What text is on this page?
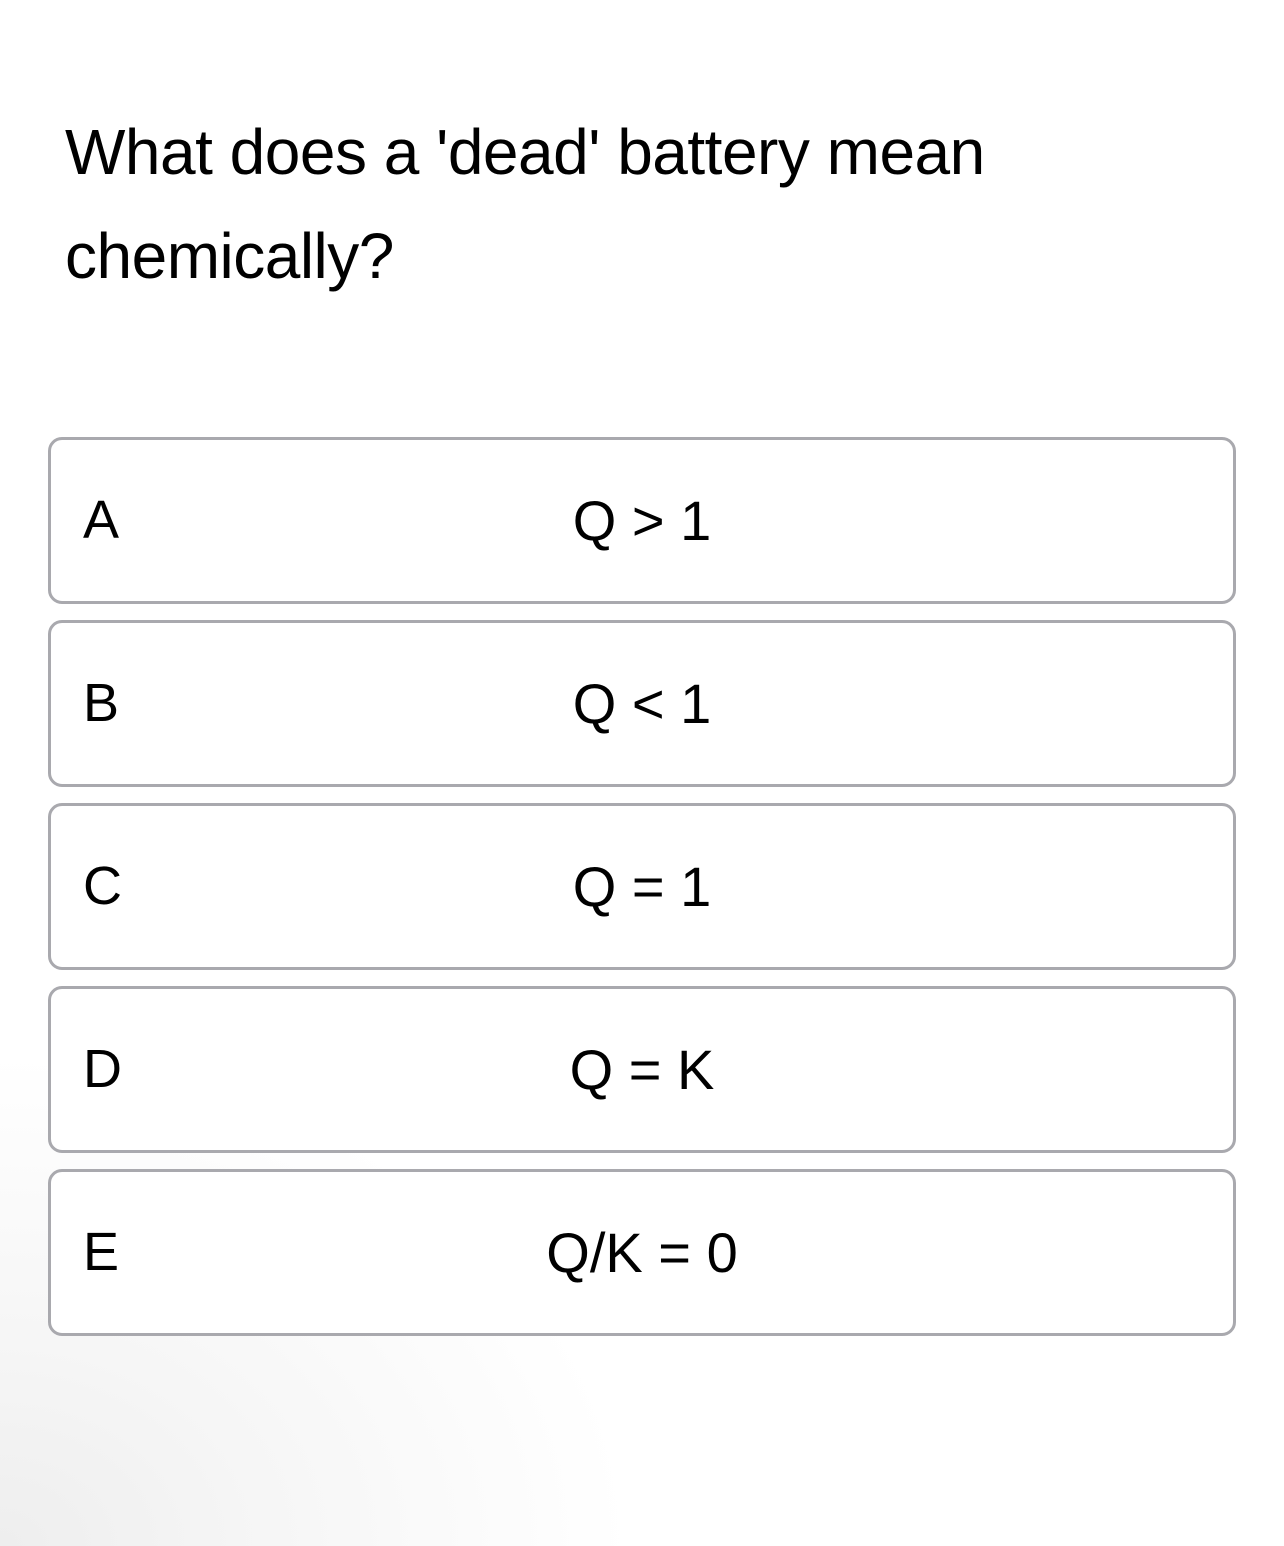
What does a 'dead' battery mean chemically?
A	Q > 1
B	Q < 1
C	Q = 1
D	Q = K
E	Q/K = 0
